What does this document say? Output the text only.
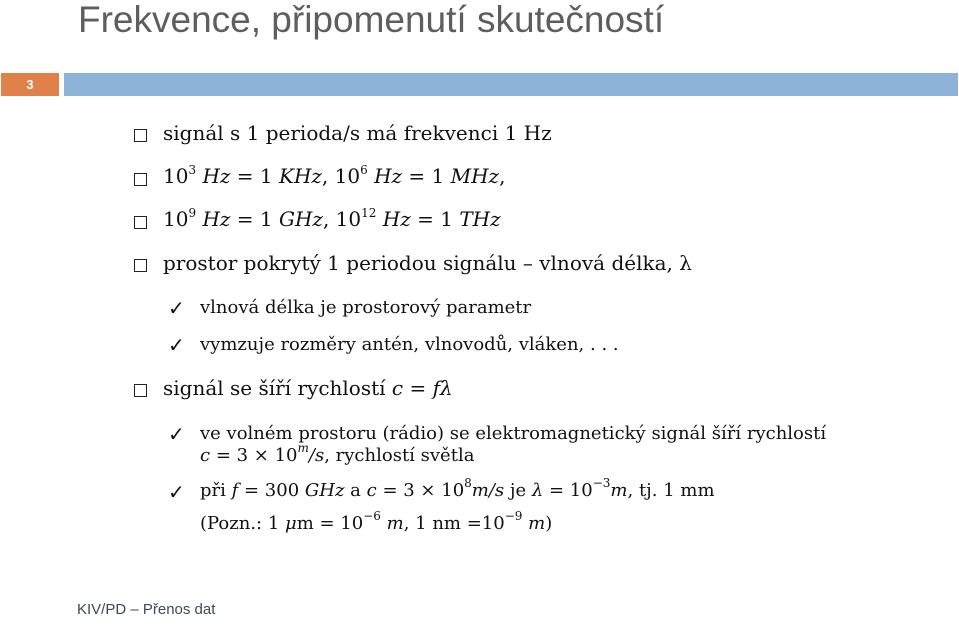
Frekvence, připomenutí skutečností
3
signál s 1 perioda/s má frekvenci 1 Hz
$10^3$ Hz = 1 KHz, $10^6$ Hz = 1 MHz,
$10^9$ Hz = 1 GHz, $10^{12}$ Hz = 1 THz
prostor pokrytý 1 periodou signálu – vlnová délka, λ
✓ vlnová délka je prostorový parametr
✓ vymzuje rozměry antén, vlnovodů, vláken, . . .
signál se šíří rychlostí c = fλ
✓ ve volném prostoru (rádio) se elektromagnetický signál šíří rychlostí
$c = 3 \times 10^m/s$, rychlostí světla
✓ při f = 300 GHz a $c = 3 \times 10^8m/s$ je $\lambda = 10^{-3}m$, tj. 1 mm
(Pozn.: 1 $\mu m = 10^{-6}$ m, 1 nm $=10^{-9}$ m)
KIV/PD – Přenos dat
